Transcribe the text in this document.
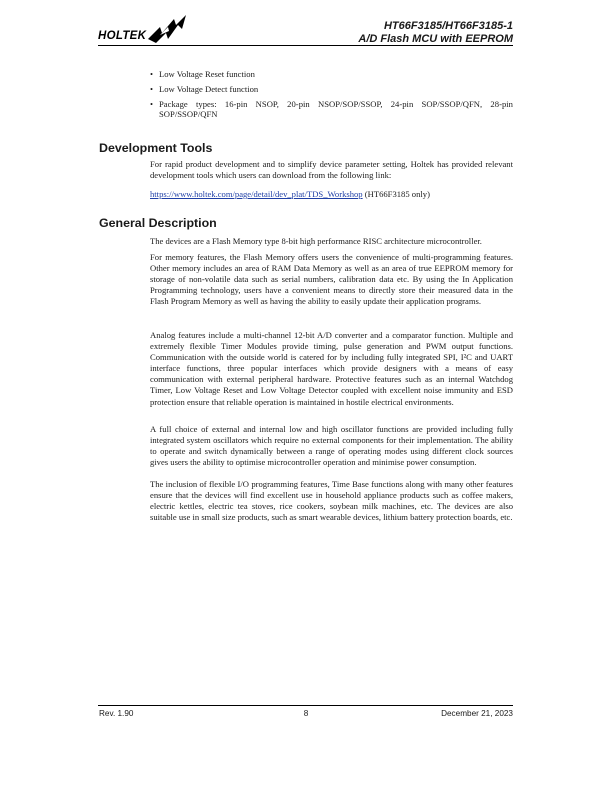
HOLTEK
HT66F3185/HT66F3185-1
A/D Flash MCU with EEPROM
• Low Voltage Reset function
• Low Voltage Detect function
• Package types: 16-pin NSOP, 20-pin NSOP/SOP/SSOP, 24-pin SOP/SSOP/QFN, 28-pin SOP/SSOP/QFN
Development Tools

For rapid product development and to simplify device parameter setting, Holtek has provided relevant development tools which users can download from the following link:

https://www.holtek.com/page/detail/dev_plat/TDS_Workshop (HT66F3185 only)

General Description

The devices are a Flash Memory type 8-bit high performance RISC architecture microcontroller.

For memory features, the Flash Memory offers users the convenience of multi-programming features. Other memory includes an area of RAM Data Memory as well as an area of true EEPROM memory for storage of non-volatile data such as serial numbers, calibration data etc. By using the In Application Programming technology, users have a convenient means to directly store their measured data in the Flash Program Memory as well as having the ability to easily update their application programs.

Analog features include a multi-channel 12-bit A/D converter and a comparator function. Multiple and extremely flexible Timer Modules provide timing, pulse generation and PWM output functions. Communication with the outside world is catered for by including fully integrated SPI, I²C and UART interface functions, three popular interfaces which provide designers with a means of easy communication with external peripheral hardware. Protective features such as an internal Watchdog Timer, Low Voltage Reset and Low Voltage Detector coupled with excellent noise immunity and ESD protection ensure that reliable operation is maintained in hostile electrical environments.

A full choice of external and internal low and high oscillator functions are provided including fully integrated system oscillators which require no external components for their implementation. The ability to operate and switch dynamically between a range of operating modes using different clock sources gives users the ability to optimise microcontroller operation and minimise power consumption.

The inclusion of flexible I/O programming features, Time Base functions along with many other features ensure that the devices will find excellent use in household appliance products such as coffee makers, electric kettles, electric tea stoves, rice cookers, soybean milk machines, etc. The devices are also suitable use in small size products, such as smart wearable devices, lithium battery protection boards, etc.

Rev. 1.90	8	December 21, 2023
